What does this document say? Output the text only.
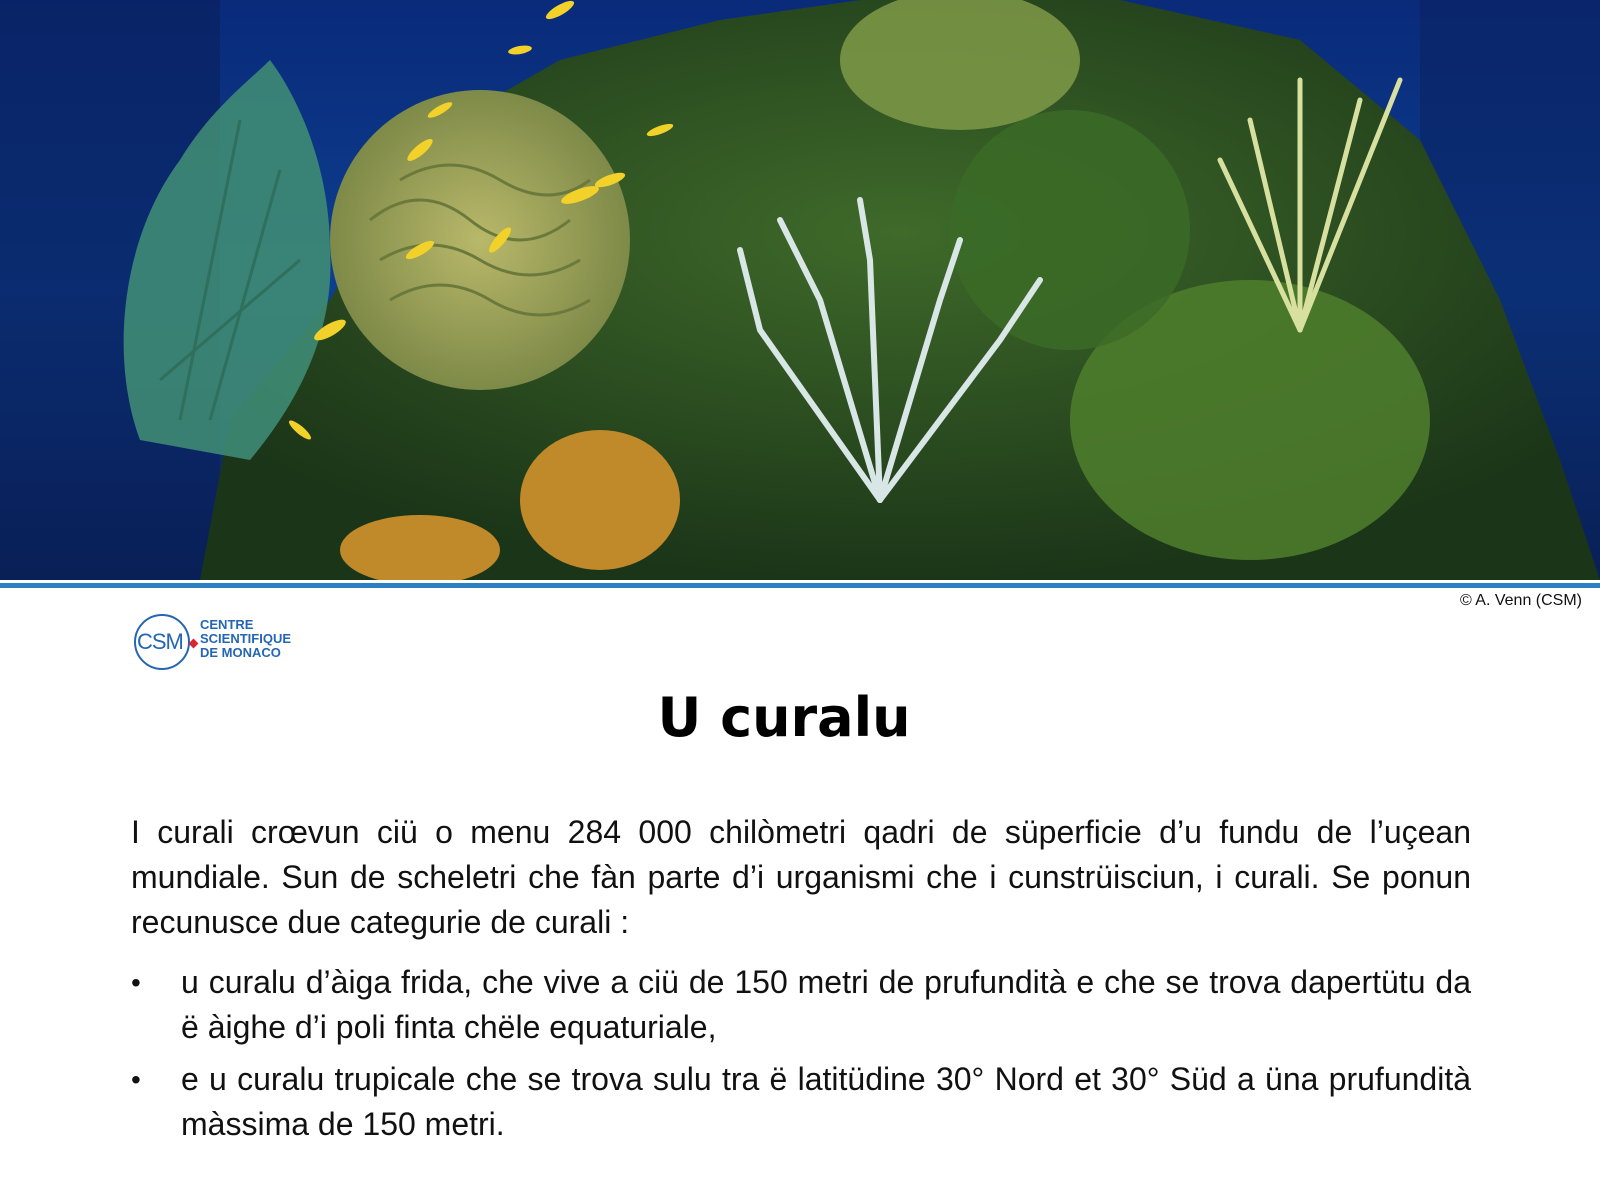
© A. Venn (CSM)
CSM
CENTRE
SCIENTIFIQUE
DE MONACO
U curalu
I curali crœvun ciü o menu 284 000 chilòmetri qadri de süperficie d’u fundu de l’uçean mundiale. Sun de scheletri che fàn parte d’i urganismi che i cunstrüisciun, i curali. Se ponun recunusce due categurie de curali :
• u curalu d’àiga frida, che vive a ciü de 150 metri de prufundità e che se trova dapertütu da ë àighe d’i poli finta chële equaturiale,
• e u curalu trupicale che se trova sulu tra ë latitüdine 30° Nord et 30° Süd a üna prufundità màssima de 150 metri.
